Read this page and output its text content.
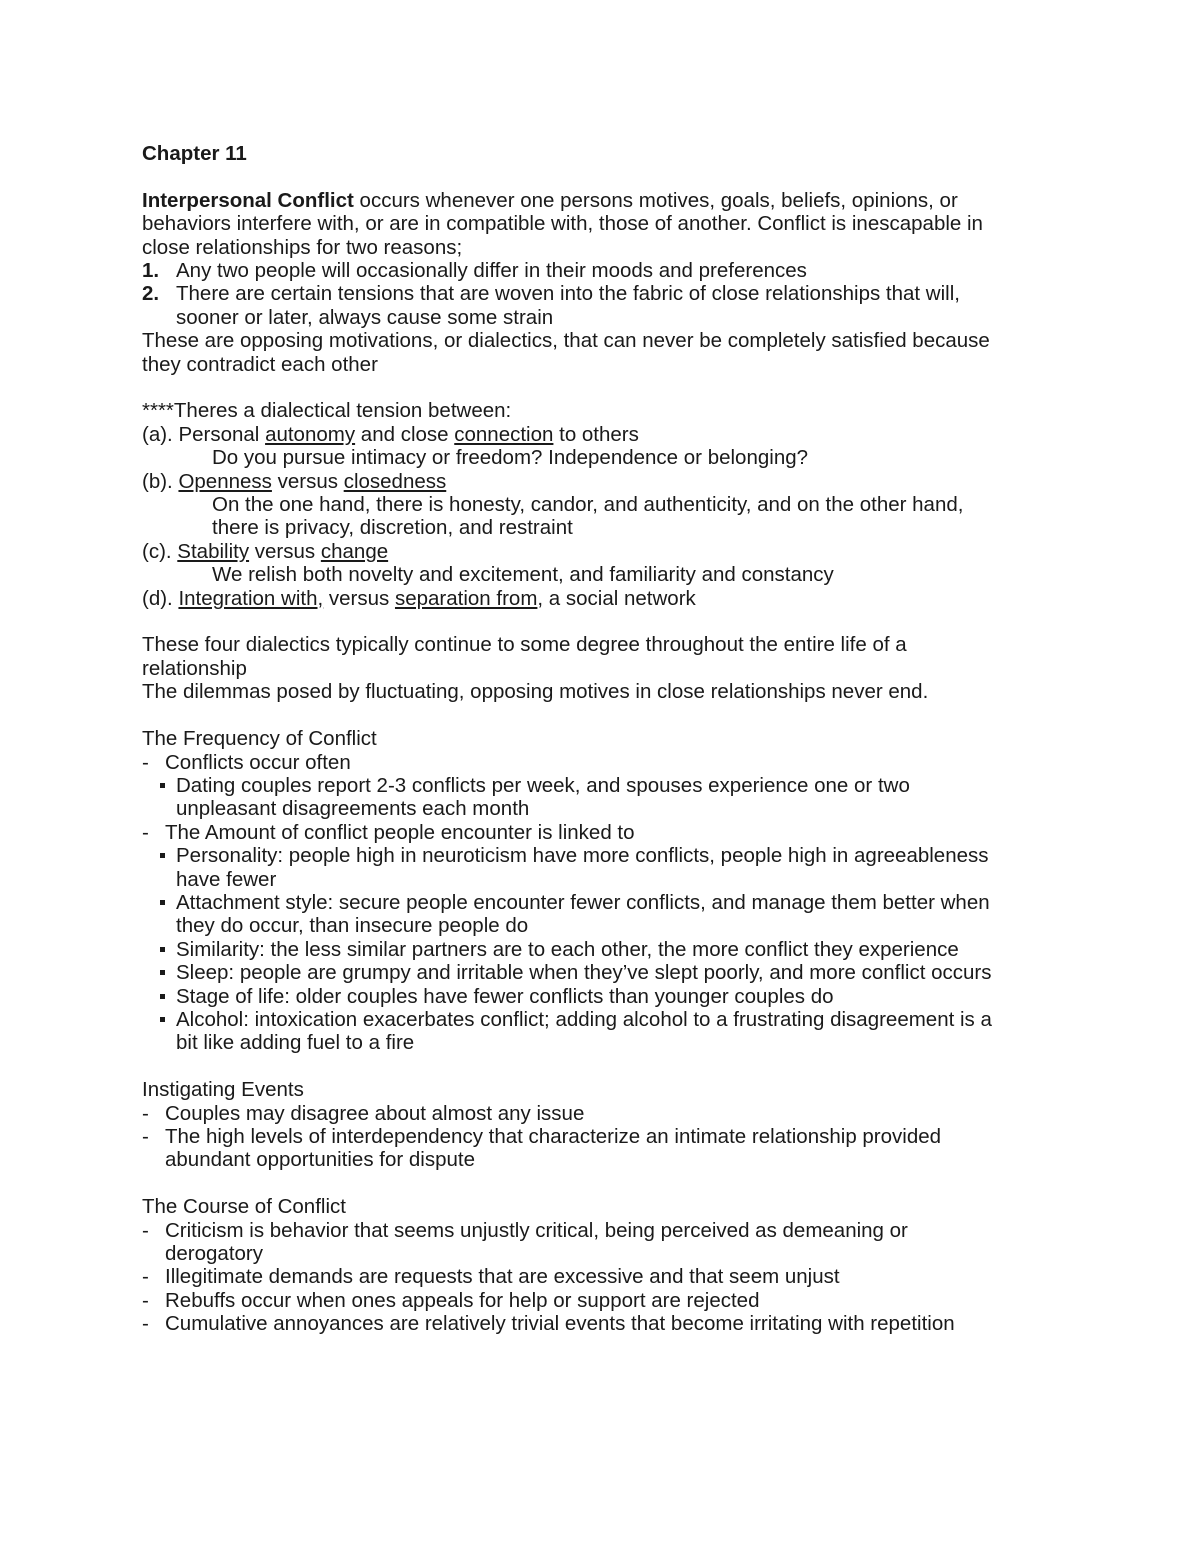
Chapter 11
Interpersonal Conflict occurs whenever one persons motives, goals, beliefs, opinions, or
behaviors interfere with, or are in compatible with, those of another. Conflict is inescapable in
close relationships for two reasons;
1. Any two people will occasionally differ in their moods and preferences
2. There are certain tensions that are woven into the fabric of close relationships that will,
sooner or later, always cause some strain
These are opposing motivations, or dialectics, that can never be completely satisfied because
they contradict each other
****Theres a dialectical tension between:
(a). Personal autonomy and close connection to others
Do you pursue intimacy or freedom? Independence or belonging?
(b). Openness versus closedness
On the one hand, there is honesty, candor, and authenticity, and on the other hand,
there is privacy, discretion, and restraint
(c). Stability versus change
We relish both novelty and excitement, and familiarity and constancy
(d). Integration with, versus separation from, a social network
These four dialectics typically continue to some degree throughout the entire life of a
relationship
The dilemmas posed by fluctuating, opposing motives in close relationships never end.
The Frequency of Conflict
- Conflicts occur often
Dating couples report 2-3 conflicts per week, and spouses experience one or two
unpleasant disagreements each month
- The Amount of conflict people encounter is linked to
Personality: people high in neuroticism have more conflicts, people high in agreeableness
have fewer
Attachment style: secure people encounter fewer conflicts, and manage them better when
they do occur, than insecure people do
Similarity: the less similar partners are to each other, the more conflict they experience
Sleep: people are grumpy and irritable when they’ve slept poorly, and more conflict occurs
Stage of life: older couples have fewer conflicts than younger couples do
Alcohol: intoxication exacerbates conflict; adding alcohol to a frustrating disagreement is a
bit like adding fuel to a fire
Instigating Events
- Couples may disagree about almost any issue
- The high levels of interdependency that characterize an intimate relationship provided
abundant opportunities for dispute
The Course of Conflict
- Criticism is behavior that seems unjustly critical, being perceived as demeaning or
derogatory
- Illegitimate demands are requests that are excessive and that seem unjust
- Rebuffs occur when ones appeals for help or support are rejected
- Cumulative annoyances are relatively trivial events that become irritating with repetition
